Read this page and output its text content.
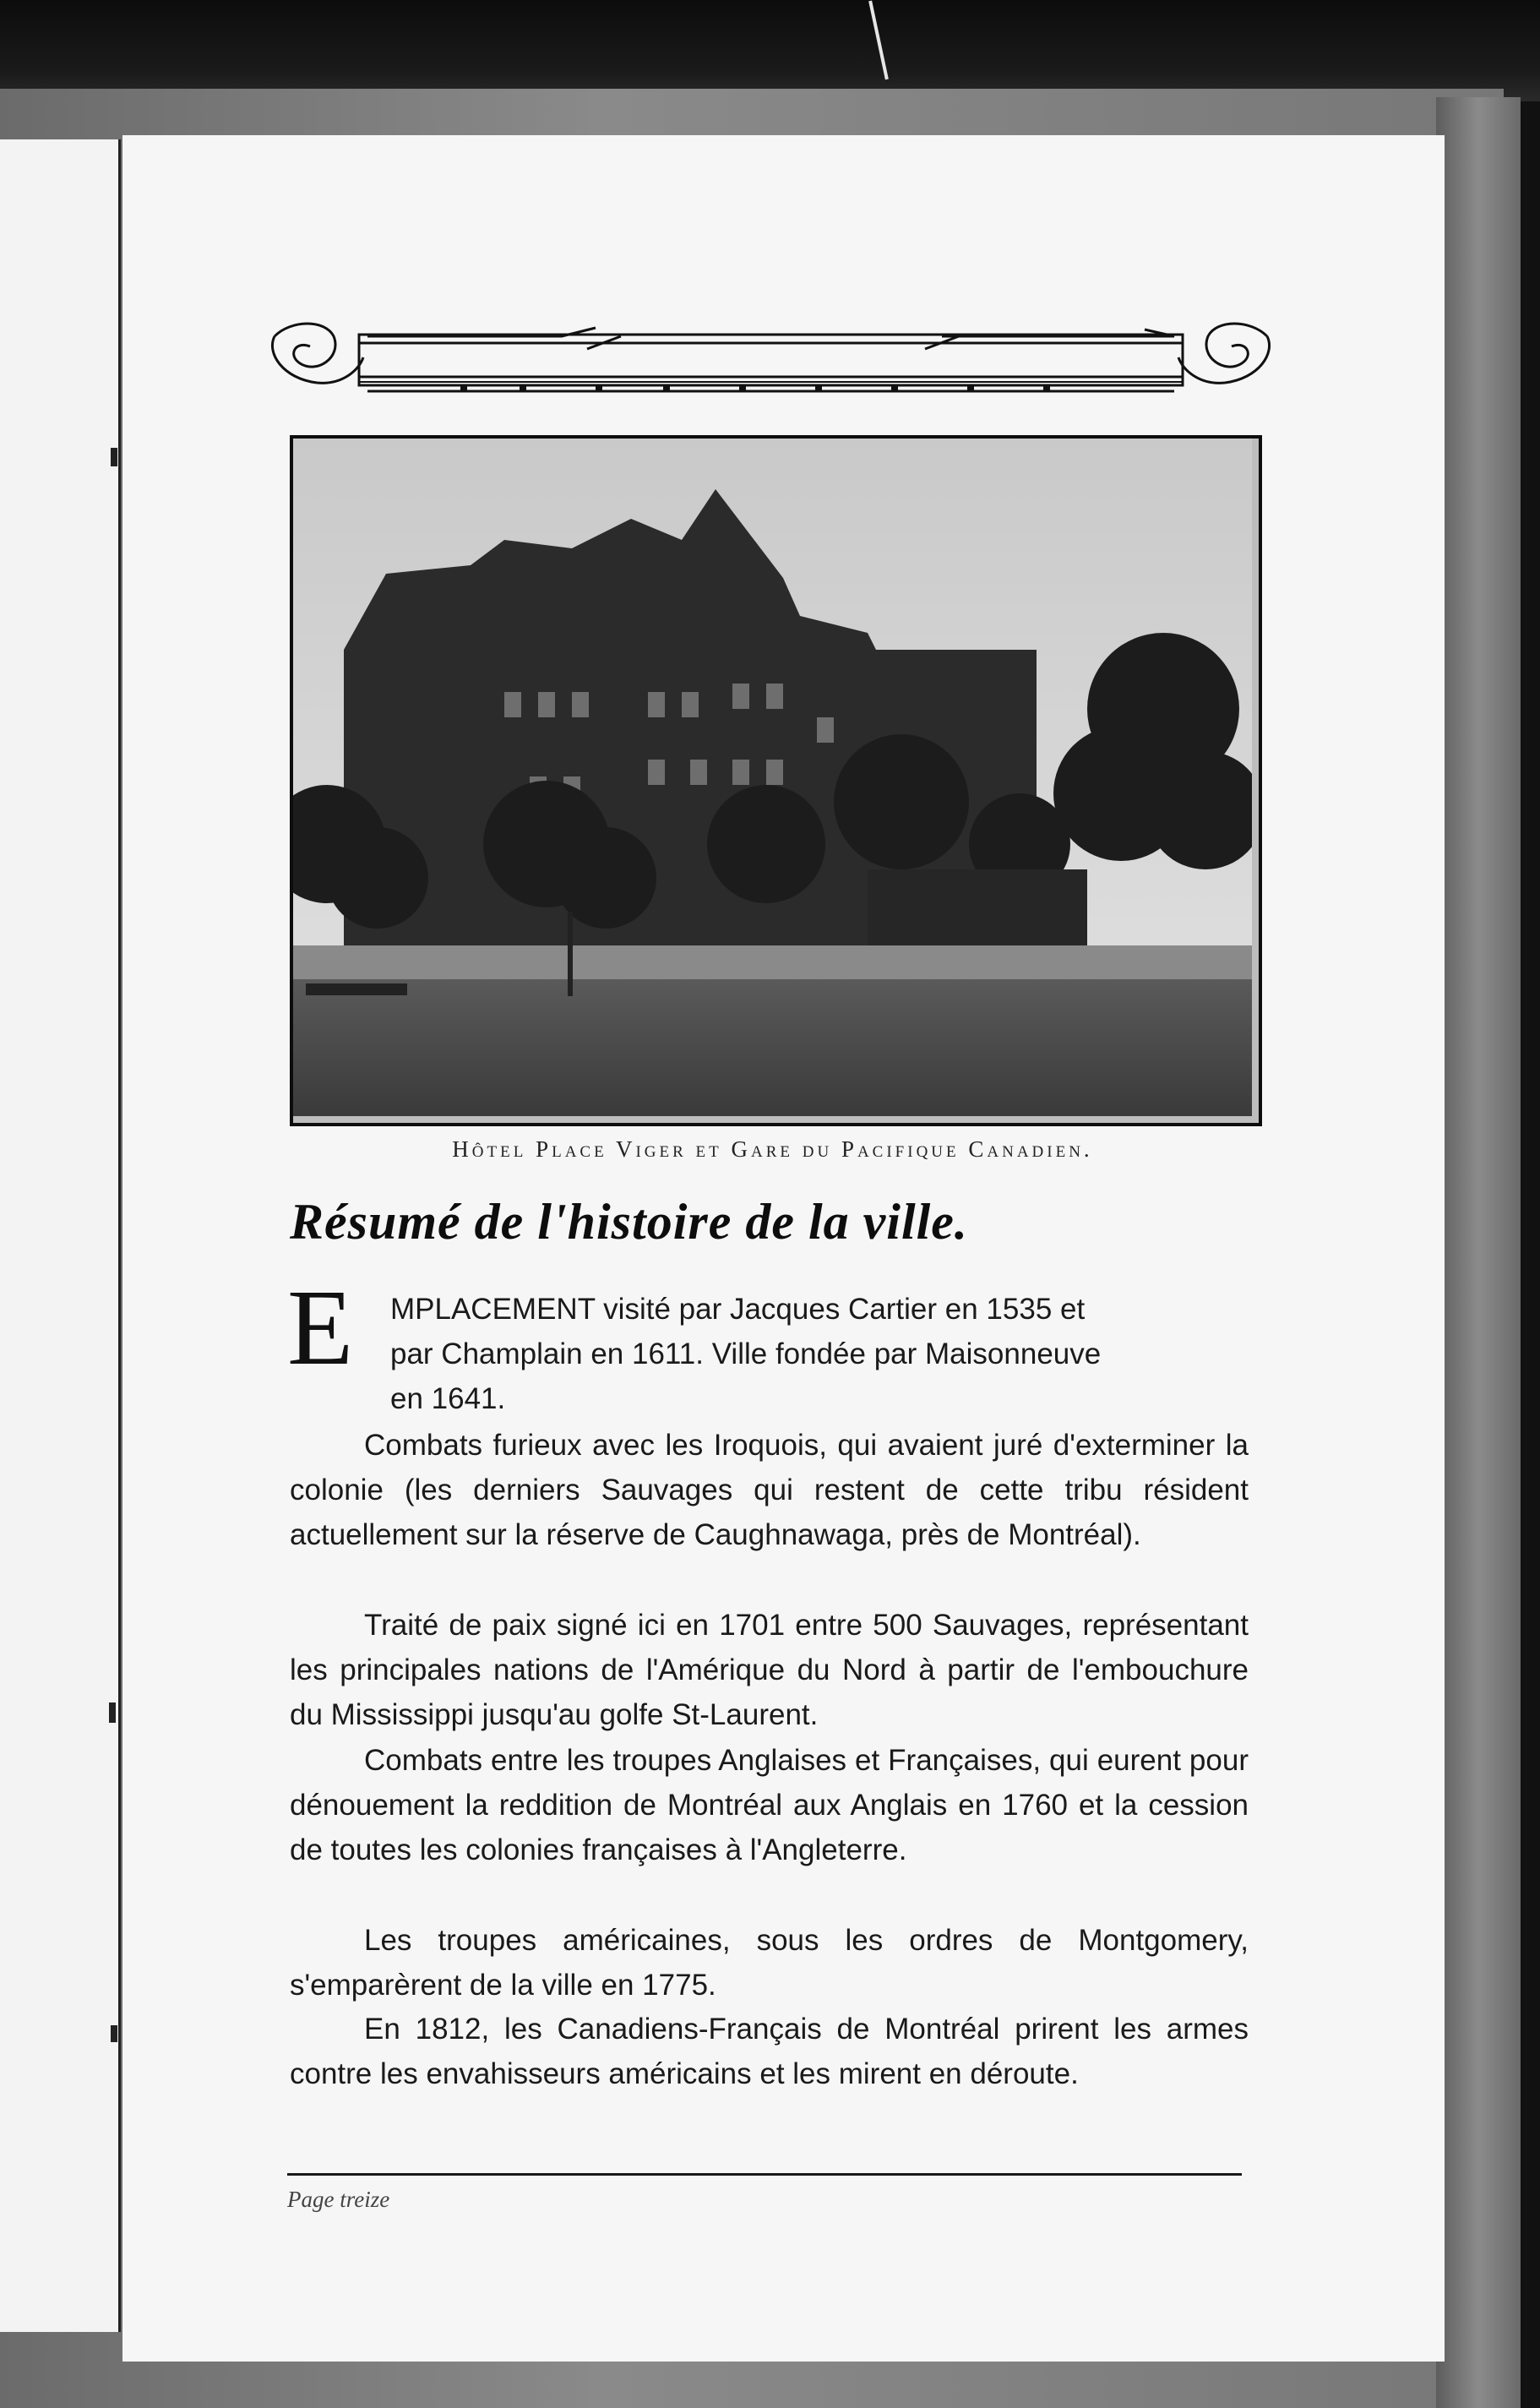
Hôtel Place Viger et Gare du Pacifique Canadien.
Résumé de l'histoire de la ville.
E MPLACEMENT visité par Jacques Cartier en 1535 et
par Champlain en 1611. Ville fondée par Maisonneuve
en 1641.
Combats furieux avec les Iroquois, qui avaient juré d'exterminer la colonie (les derniers Sauvages qui restent de cette tribu résident actuellement sur la réserve de Caughnawaga, près de Montréal).
Traité de paix signé ici en 1701 entre 500 Sauvages, représentant les principales nations de l'Amérique du Nord à partir de l'embouchure du Mississippi jusqu'au golfe St-Laurent.
Combats entre les troupes Anglaises et Françaises, qui eurent pour dénouement la reddition de Montréal aux Anglais en 1760 et la cession de toutes les colonies françaises à l'Angleterre.
Les troupes américaines, sous les ordres de Montgomery, s'emparèrent de la ville en 1775.
En 1812, les Canadiens-Français de Montréal prirent les armes contre les envahisseurs américains et les mirent en déroute.
Page treize
